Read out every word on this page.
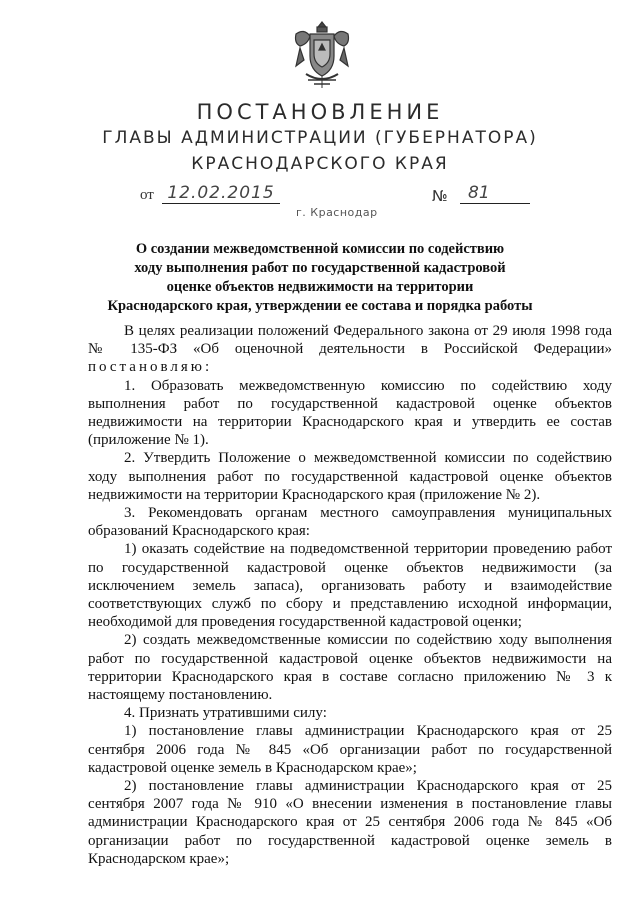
ПОСТАНОВЛЕНИЕ
ГЛАВЫ АДМИНИСТРАЦИИ (ГУБЕРНАТОРА)
КРАСНОДАРСКОГО КРАЯ
от 12.02.2015	№	81
г. Краснодар
О создании межведомственной комиссии по содействию
ходу выполнения работ по государственной кадастровой
оценке объектов недвижимости на территории
Краснодарского края, утверждении ее состава и порядка работы

В целях реализации положений Федерального закона от 29 июля 1998 года № 135-ФЗ «Об оценочной деятельности в Российской Федерации»

постановляю:

1. Образовать межведомственную комиссию по содействию ходу выполнения работ по государственной кадастровой оценке объектов недвижимости на территории Краснодарского края и утвердить ее состав (приложение № 1).

2. Утвердить Положение о межведомственной комиссии по содействию ходу выполнения работ по государственной кадастровой оценке объектов недвижимости на территории Краснодарского края (приложение № 2).

3. Рекомендовать органам местного самоуправления муниципальных образований Краснодарского края:

1) оказать содействие на подведомственной территории проведению работ по государственной кадастровой оценке объектов недвижимости (за исключением земель запаса), организовать работу и взаимодействие соответствующих служб по сбору и представлению исходной информации, необходимой для проведения государственной кадастровой оценки;

2) создать межведомственные комиссии по содействию ходу выполнения работ по государственной кадастровой оценке объектов недвижимости на территории Краснодарского края в составе согласно приложению № 3 к настоящему постановлению.

4. Признать утратившими силу:

1) постановление главы администрации Краснодарского края от 25 сентября 2006 года № 845 «Об организации работ по государственной кадастровой оценке земель в Краснодарском крае»;

2) постановление главы администрации Краснодарского края от 25 сентября 2007 года № 910 «О внесении изменения в постановление главы администрации Краснодарского края от 25 сентября 2006 года № 845 «Об организации работ по государственной кадастровой оценке земель в Краснодарском крае»;
